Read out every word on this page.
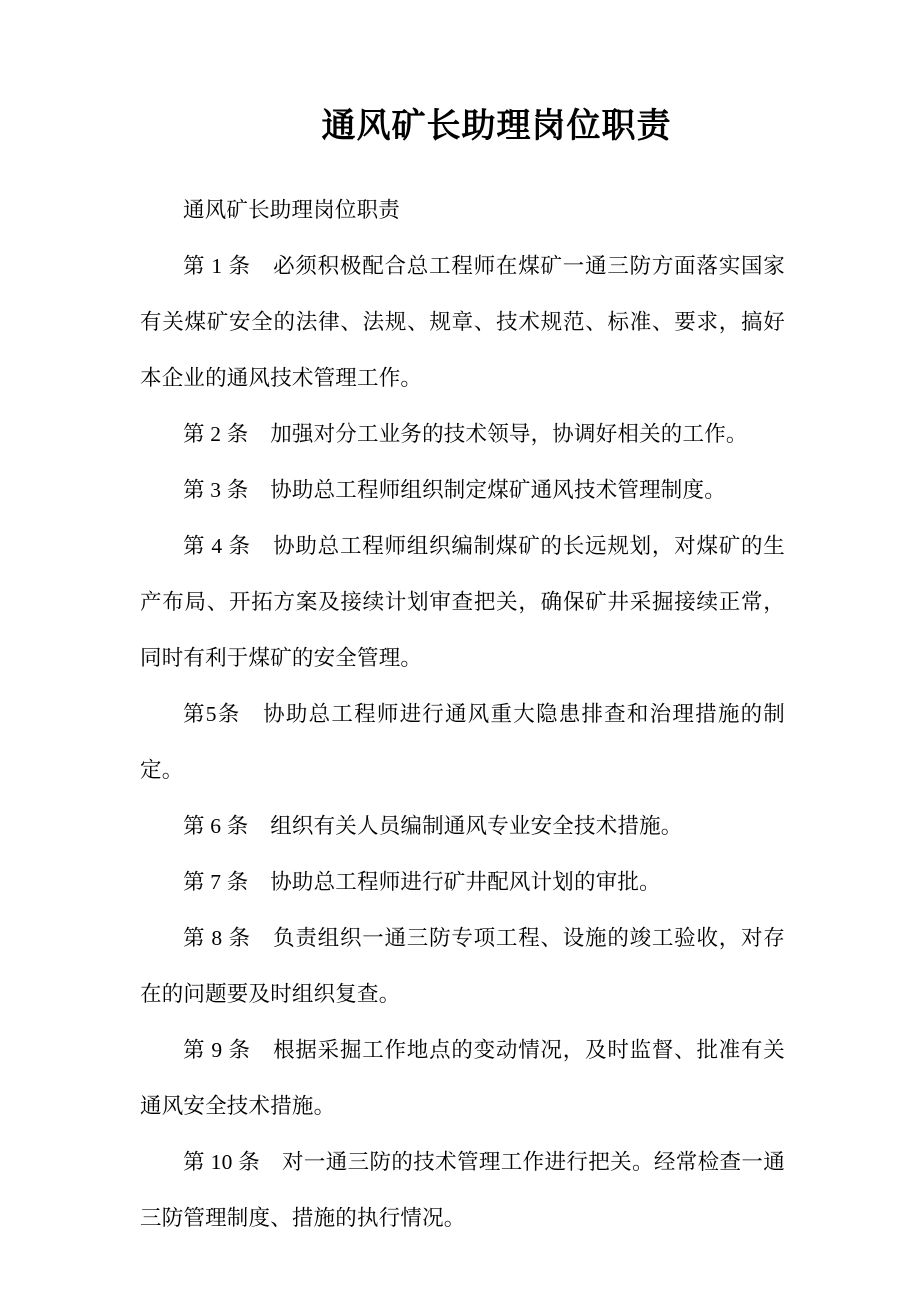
通风矿长助理岗位职责

通风矿长助理岗位职责

第 1 条　必须积极配合总工程师在煤矿一通三防方面落实国家有关煤矿安全的法律、法规、规章、技术规范、标准、要求，搞好本企业的通风技术管理工作。

第 2 条　加强对分工业务的技术领导，协调好相关的工作。

第 3 条　协助总工程师组织制定煤矿通风技术管理制度。

第 4 条　协助总工程师组织编制煤矿的长远规划，对煤矿的生产布局、开拓方案及接续计划审查把关，确保矿井采掘接续正常，同时有利于煤矿的安全管理。

第5条　协助总工程师进行通风重大隐患排查和治理措施的制定。

第 6 条　组织有关人员编制通风专业安全技术措施。

第 7 条　协助总工程师进行矿井配风计划的审批。

第 8 条　负责组织一通三防专项工程、设施的竣工验收，对存在的问题要及时组织复查。

第 9 条　根据采掘工作地点的变动情况，及时监督、批准有关通风安全技术措施。

第 10 条　对一通三防的技术管理工作进行把关。经常检查一通三防管理制度、措施的执行情况。
